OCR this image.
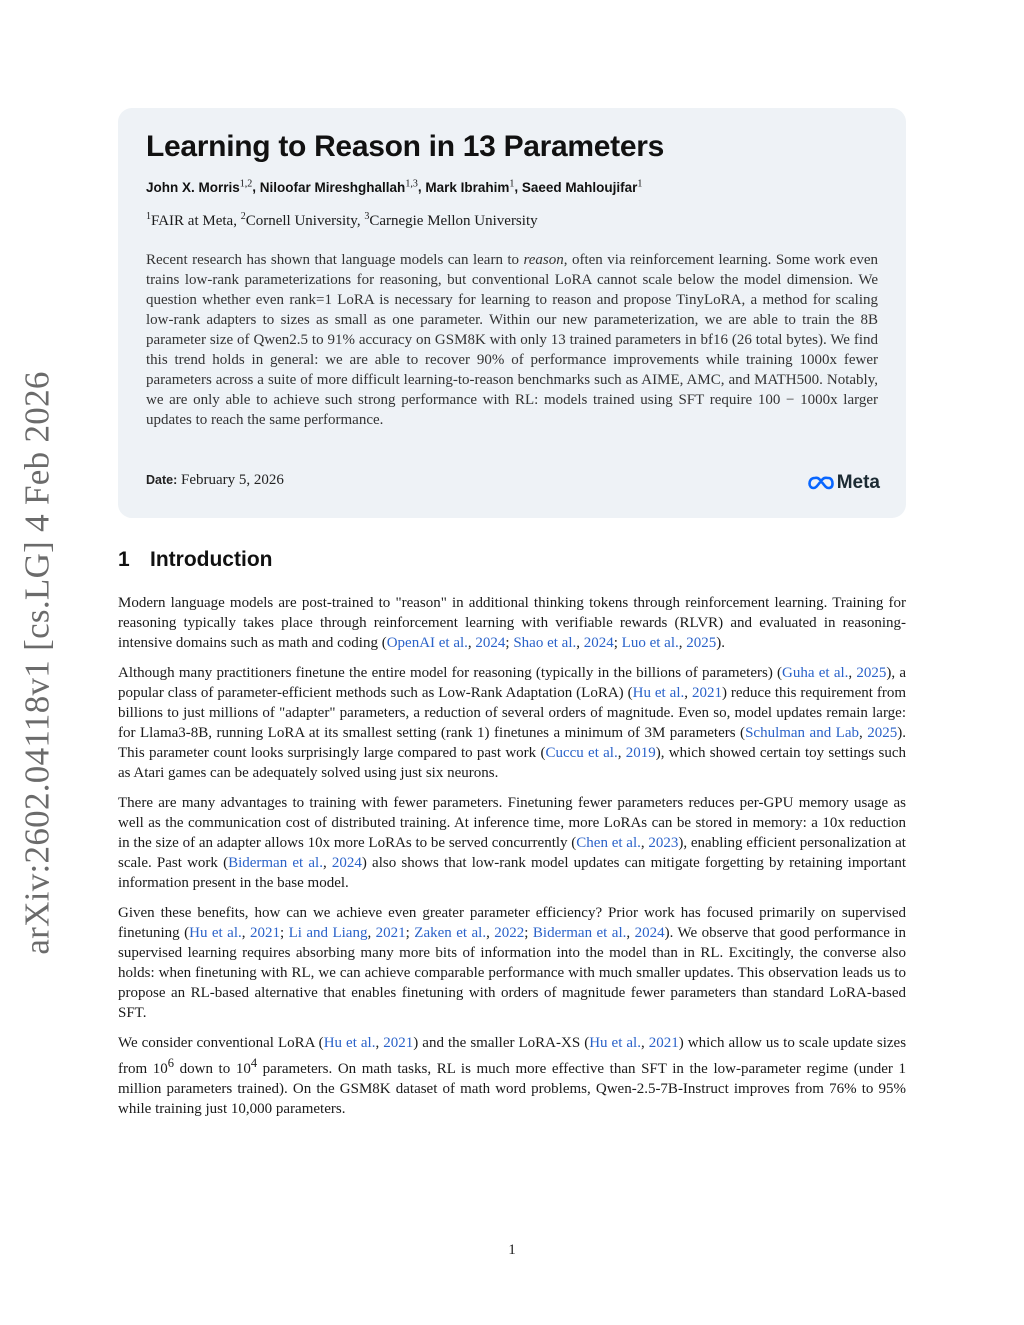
arXiv:2602.04118v1 [cs.LG] 4 Feb 2026
Learning to Reason in 13 Parameters
John X. Morris$^{1,2}$, Niloofar Mireshghallah$^{1,3}$, Mark Ibrahim$^1$, Saeed Mahloujifar$^1$
$^1$FAIR at Meta, $^2$Cornell University, $^3$Carnegie Mellon University
Recent research has shown that language models can learn to reason, often via reinforcement learning. Some work even trains low-rank parameterizations for reasoning, but conventional LoRA cannot scale below the model dimension. We question whether even rank=1 LoRA is necessary for learning to reason and propose TinyLoRA, a method for scaling low-rank adapters to sizes as small as one parameter. Within our new parameterization, we are able to train the 8B parameter size of Qwen2.5 to 91% accuracy on GSM8K with only 13 trained parameters in bf16 (26 total bytes). We find this trend holds in general: we are able to recover 90% of performance improvements while training 1000x fewer parameters across a suite of more difficult learning-to-reason benchmarks such as AIME, AMC, and MATH500. Notably, we are only able to achieve such strong performance with RL: models trained using SFT require 100 − 1000x larger updates to reach the same performance.
Date: February 5, 2026	Meta
1 Introduction

Modern language models are post-trained to "reason" in additional thinking tokens through reinforcement learning. Training for reasoning typically takes place through reinforcement learning with verifiable rewards (RLVR) and evaluated in reasoning-intensive domains such as math and coding (OpenAI et al., 2024; Shao et al., 2024; Luo et al., 2025).

Although many practitioners finetune the entire model for reasoning (typically in the billions of parameters) (Guha et al., 2025), a popular class of parameter-efficient methods such as Low-Rank Adaptation (LoRA) (Hu et al., 2021) reduce this requirement from billions to just millions of "adapter" parameters, a reduction of several orders of magnitude. Even so, model updates remain large: for Llama3-8B, running LoRA at its smallest setting (rank 1) finetunes a minimum of 3M parameters (Schulman and Lab, 2025). This parameter count looks surprisingly large compared to past work (Cuccu et al., 2019), which showed certain toy settings such as Atari games can be adequately solved using just six neurons.

There are many advantages to training with fewer parameters. Finetuning fewer parameters reduces per-GPU memory usage as well as the communication cost of distributed training. At inference time, more LoRAs can be stored in memory: a 10x reduction in the size of an adapter allows 10x more LoRAs to be served concurrently (Chen et al., 2023), enabling efficient personalization at scale. Past work (Biderman et al., 2024) also shows that low-rank model updates can mitigate forgetting by retaining important information present in the base model.

Given these benefits, how can we achieve even greater parameter efficiency? Prior work has focused primarily on supervised finetuning (Hu et al., 2021; Li and Liang, 2021; Zaken et al., 2022; Biderman et al., 2024). We observe that good performance in supervised learning requires absorbing many more bits of information into the model than in RL. Excitingly, the converse also holds: when finetuning with RL, we can achieve comparable performance with much smaller updates. This observation leads us to propose an RL-based alternative that enables finetuning with orders of magnitude fewer parameters than standard LoRA-based SFT.

We consider conventional LoRA (Hu et al., 2021) and the smaller LoRA-XS (Hu et al., 2021) which allow us to scale update sizes from $10^6$ down to $10^4$ parameters. On math tasks, RL is much more effective than SFT in the low-parameter regime (under 1 million parameters trained). On the GSM8K dataset of math word problems, Qwen-2.5-7B-Instruct improves from 76% to 95% while training just 10,000 parameters.

1
